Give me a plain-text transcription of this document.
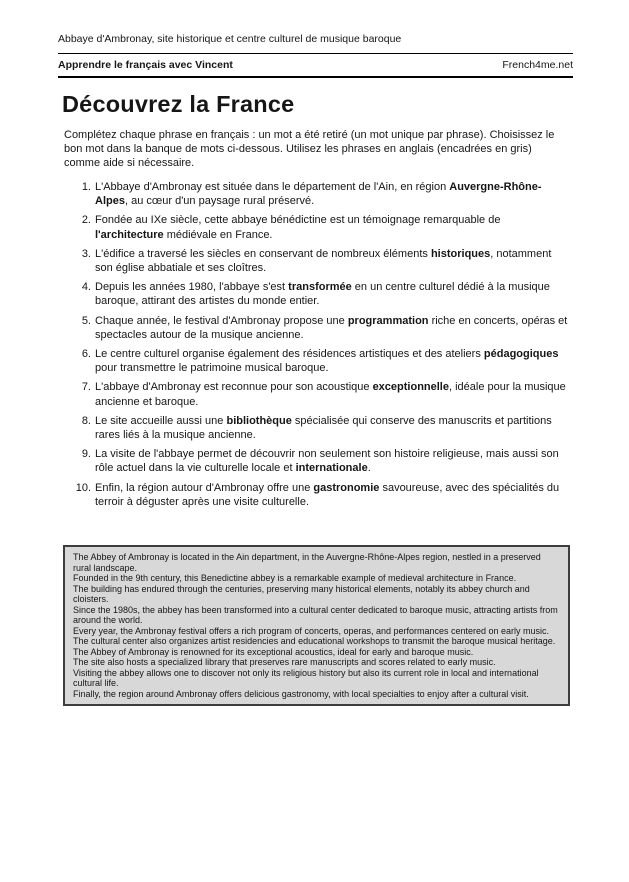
Abbaye d'Ambronay, site historique et centre culturel de musique baroque
Apprendre le français avec Vincent	French4me.net
Découvrez la France
Complétez chaque phrase en français : un mot a été retiré (un mot unique par phrase). Choisissez le bon mot dans la banque de mots ci-dessous. Utilisez les phrases en anglais (encadrées en gris) comme aide si nécessaire.
1. L'Abbaye d'Ambronay est située dans le département de l'Ain, en région Auvergne-Rhône-Alpes, au cœur d'un paysage rural préservé.
2. Fondée au IXe siècle, cette abbaye bénédictine est un témoignage remarquable de l'architecture médiévale en France.
3. L'édifice a traversé les siècles en conservant de nombreux éléments historiques, notamment son église abbatiale et ses cloîtres.
4. Depuis les années 1980, l'abbaye s'est transformée en un centre culturel dédié à la musique baroque, attirant des artistes du monde entier.
5. Chaque année, le festival d'Ambronay propose une programmation riche en concerts, opéras et spectacles autour de la musique ancienne.
6. Le centre culturel organise également des résidences artistiques et des ateliers pédagogiques pour transmettre le patrimoine musical baroque.
7. L'abbaye d'Ambronay est reconnue pour son acoustique exceptionnelle, idéale pour la musique ancienne et baroque.
8. Le site accueille aussi une bibliothèque spécialisée qui conserve des manuscrits et partitions rares liés à la musique ancienne.
9. La visite de l'abbaye permet de découvrir non seulement son histoire religieuse, mais aussi son rôle actuel dans la vie culturelle locale et internationale.
10. Enfin, la région autour d'Ambronay offre une gastronomie savoureuse, avec des spécialités du terroir à déguster après une visite culturelle.
The Abbey of Ambronay is located in the Ain department, in the Auvergne-Rhône-Alpes region, nestled in a preserved rural landscape.
Founded in the 9th century, this Benedictine abbey is a remarkable example of medieval architecture in France.
The building has endured through the centuries, preserving many historical elements, notably its abbey church and cloisters.
Since the 1980s, the abbey has been transformed into a cultural center dedicated to baroque music, attracting artists from around the world.
Every year, the Ambronay festival offers a rich program of concerts, operas, and performances centered on early music.
The cultural center also organizes artist residencies and educational workshops to transmit the baroque musical heritage.
The Abbey of Ambronay is renowned for its exceptional acoustics, ideal for early and baroque music.
The site also hosts a specialized library that preserves rare manuscripts and scores related to early music.
Visiting the abbey allows one to discover not only its religious history but also its current role in local and international cultural life.
Finally, the region around Ambronay offers delicious gastronomy, with local specialties to enjoy after a cultural visit.
